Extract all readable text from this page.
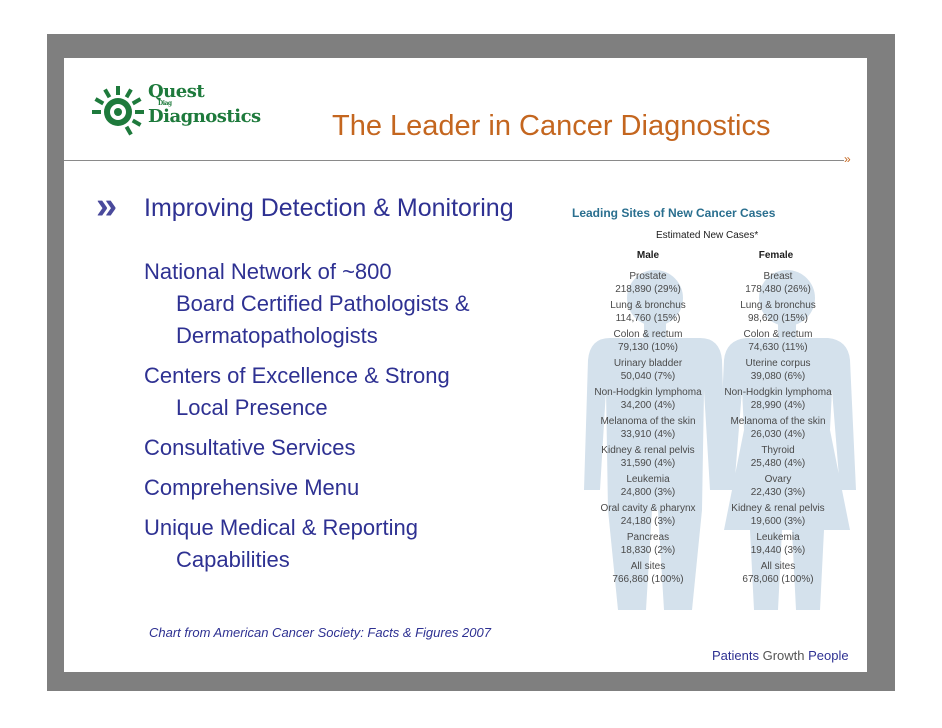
Quest
Diag
Diagnostics The Leader in Cancer Diagnostics
»
» Improving Detection & Monitoring
National Network of ~800
Board Certified Pathologists &
Dermatopathologists
Centers of Excellence & Strong
Local Presence
Consultative Services
Comprehensive Menu
Unique Medical & Reporting
Capabilities
Leading Sites of New Cancer Cases
Estimated New Cases*
Male	Female
Prostate
218,890 (29%)
Lung & bronchus
114,760 (15%)
Colon & rectum
79,130 (10%)
Urinary bladder
50,040 (7%)
Non-Hodgkin lymphoma
34,200 (4%)
Melanoma of the skin
33,910 (4%)
Kidney & renal pelvis
31,590 (4%)
Leukemia
24,800 (3%)
Oral cavity & pharynx
24,180 (3%)
Pancreas
18,830 (2%)
All sites
766,860 (100%)
Breast
178,480 (26%)
Lung & bronchus
98,620 (15%)
Colon & rectum
74,630 (11%)
Uterine corpus
39,080 (6%)
Non-Hodgkin lymphoma
28,990 (4%)
Melanoma of the skin
26,030 (4%)
Thyroid
25,480 (4%)
Ovary
22,430 (3%)
Kidney & renal pelvis
19,600 (3%)
Leukemia
19,440 (3%)
All sites
678,060 (100%)
Chart from American Cancer Society: Facts & Figures 2007
Patients Growth People
